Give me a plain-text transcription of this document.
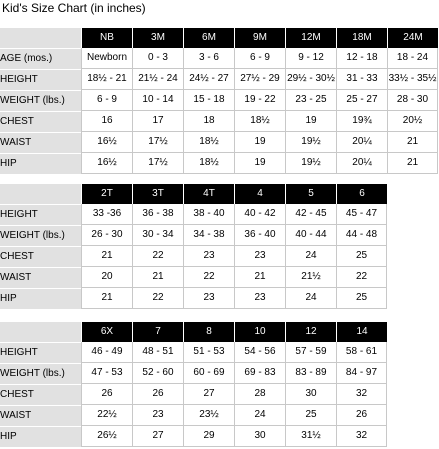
Kid's Size Chart (in inches)
	NB	3M	6M	9M	12M	18M	24M
AGE (mos.)	Newborn	0 - 3	3 - 6	6 - 9	9 - 12	12 - 18	18 - 24
HEIGHT	18½ - 21	21½ - 24	24½ - 27	27½ - 29	29½ - 30½	31 - 33	33½ - 35½
WEIGHT (lbs.)	6 - 9	10 - 14	15 - 18	19 - 22	23 - 25	25 - 27	28 - 30
CHEST	16	17	18	18½	19	19¾	20½
WAIST	16½	17½	18½	19	19½	20¼	21
HIP	16½	17½	18½	19	19½	20¼	21
	2T	3T	4T	4	5	6
HEIGHT	33 -36	36 - 38	38 - 40	40 - 42	42 - 45	45 - 47
WEIGHT (lbs.)	26 - 30	30 - 34	34 - 38	36 - 40	40 - 44	44 - 48
CHEST	21	22	23	23	24	25
WAIST	20	21	22	21	21½	22
HIP	21	22	23	23	24	25
	6X	7	8	10	12	14
HEIGHT	46 - 49	48 - 51	51 - 53	54 - 56	57 - 59	58 - 61
WEIGHT (lbs.)	47 - 53	52 - 60	60 - 69	69 - 83	83 - 89	84 - 97
CHEST	26	26	27	28	30	32
WAIST	22½	23	23½	24	25	26
HIP	26½	27	29	30	31½	32
